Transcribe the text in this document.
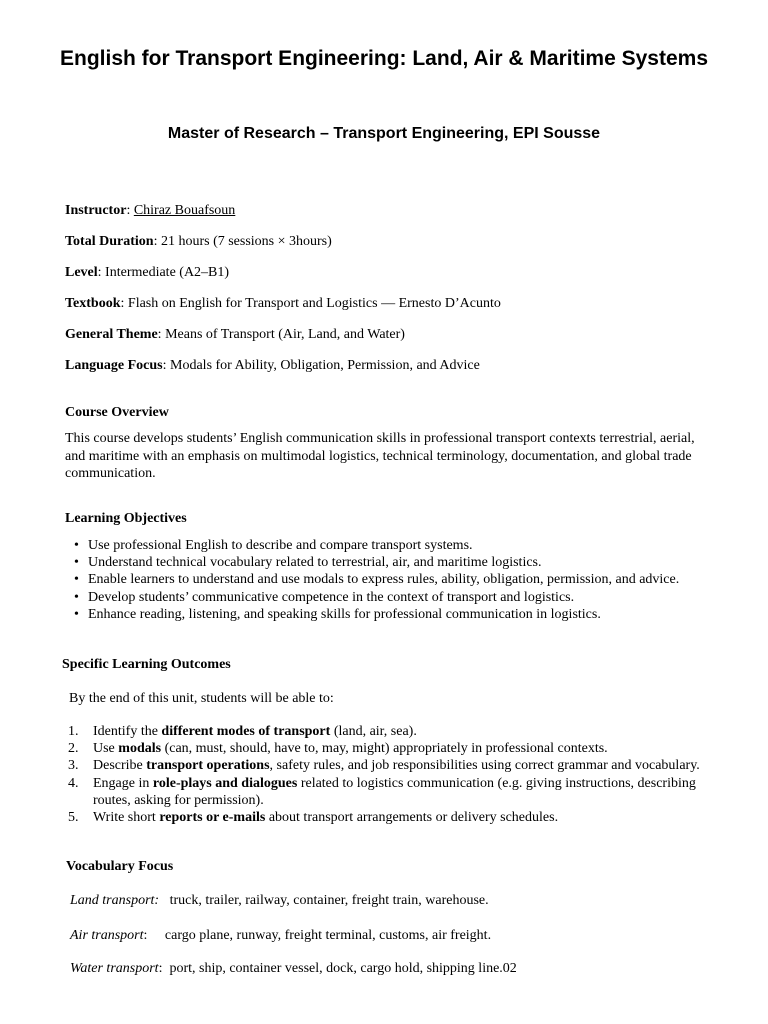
English for Transport Engineering: Land, Air & Maritime Systems
Master of Research – Transport Engineering, EPI Sousse
Instructor: Chiraz Bouafsoun
Total Duration: 21 hours (7 sessions × 3hours)
Level: Intermediate (A2–B1)
Textbook: Flash on English for Transport and Logistics — Ernesto D’Acunto
General Theme: Means of Transport (Air, Land, and Water)
Language Focus: Modals for Ability, Obligation, Permission, and Advice
Course Overview
This course develops students’ English communication skills in professional transport contexts terrestrial, aerial, and maritime with an emphasis on multimodal logistics, technical terminology, documentation, and global trade communication.
Learning Objectives
• Use professional English to describe and compare transport systems.
• Understand technical vocabulary related to terrestrial, air, and maritime logistics.
• Enable learners to understand and use modals to express rules, ability, obligation, permission, and advice.
• Develop students’ communicative competence in the context of transport and logistics.
• Enhance reading, listening, and speaking skills for professional communication in logistics.
Specific Learning Outcomes
By the end of this unit, students will be able to:
1. Identify the different modes of transport (land, air, sea).
2. Use modals (can, must, should, have to, may, might) appropriately in professional contexts.
3. Describe transport operations, safety rules, and job responsibilities using correct grammar and vocabulary.
4. Engage in role-plays and dialogues related to logistics communication (e.g. giving instructions, describing routes, asking for permission).
5. Write short reports or e-mails about transport arrangements or delivery schedules.
Vocabulary Focus
Land transport:   truck, trailer, railway, container, freight train, warehouse.
Air transport:     cargo plane, runway, freight terminal, customs, air freight.
Water transport:  port, ship, container vessel, dock, cargo hold, shipping line.02
